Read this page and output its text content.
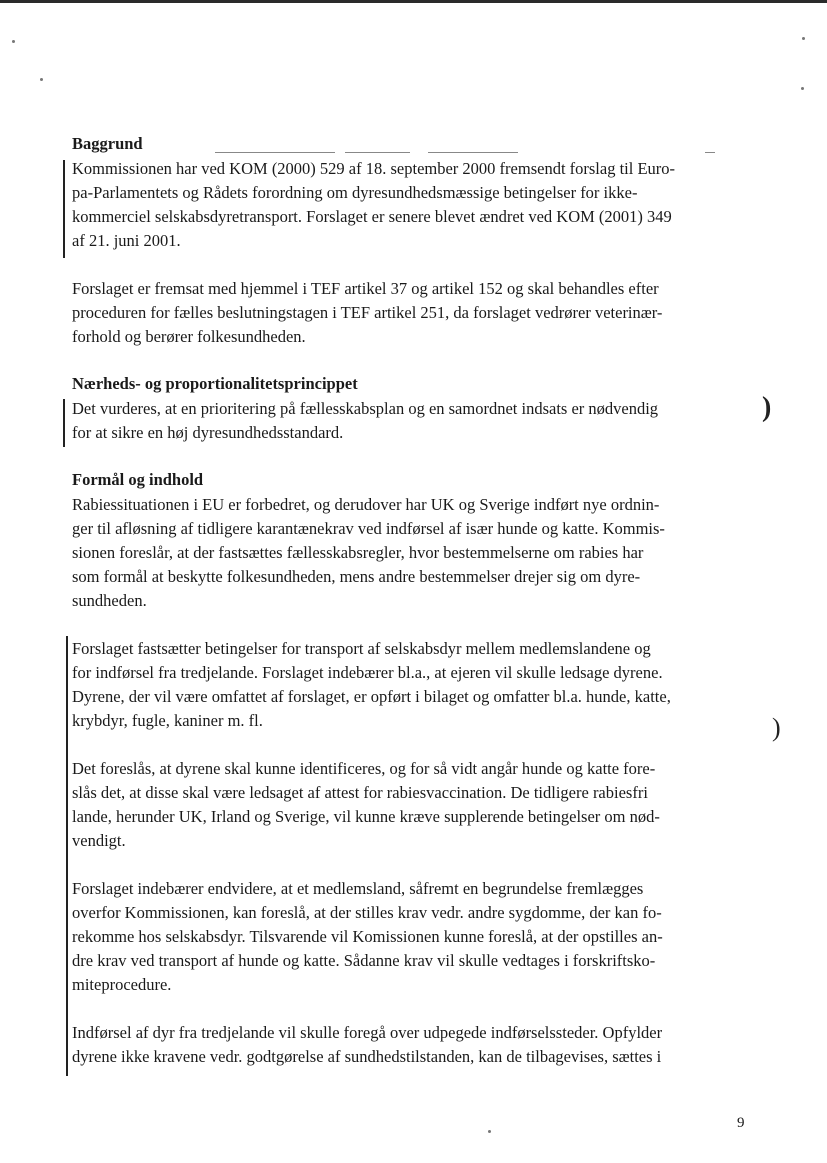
Baggrund
Kommissionen har ved KOM (2000) 529 af 18. september 2000 fremsendt forslag til Euro-
pa-Parlamentets og Rådets forordning om dyresundhedsmæssige betingelser for ikke-
kommerciel selskabsdyretransport. Forslaget er senere blevet ændret ved KOM (2001) 349
af 21. juni 2001.
Forslaget er fremsat med hjemmel i TEF artikel 37 og artikel 152 og skal behandles efter
proceduren for fælles beslutningstagen i TEF artikel 251, da forslaget vedrører veterinær-
forhold og berører folkesundheden.
Nærheds- og proportionalitetsprincippet
Det vurderes, at en prioritering på fællesskabsplan og en samordnet indsats er nødvendig
for at sikre en høj dyresundhedsstandard.
)
Formål og indhold
Rabiessituationen i EU er forbedret, og derudover har UK og Sverige indført nye ordnin-
ger til afløsning af tidligere karantænekrav ved indførsel af især hunde og katte. Kommis-
sionen foreslår, at der fastsættes fællesskabsregler, hvor bestemmelserne om rabies har
som formål at beskytte folkesundheden, mens andre bestemmelser drejer sig om dyre-
sundheden.
Forslaget fastsætter betingelser for transport af selskabsdyr mellem medlemslandene og
for indførsel fra tredjelande. Forslaget indebærer bl.a., at ejeren vil skulle ledsage dyrene.
Dyrene, der vil være omfattet af forslaget, er opført i bilaget og omfatter bl.a. hunde, katte,
krybdyr, fugle, kaniner m. fl.	)
Det foreslås, at dyrene skal kunne identificeres, og for så vidt angår hunde og katte fore-
slås det, at disse skal være ledsaget af attest for rabiesvaccination. De tidligere rabiesfri
lande, herunder UK, Irland og Sverige, vil kunne kræve supplerende betingelser om nød-
vendigt.
Forslaget indebærer endvidere, at et medlemsland, såfremt en begrundelse fremlægges
overfor Kommissionen, kan foreslå, at der stilles krav vedr. andre sygdomme, der kan fo-
rekomme hos selskabsdyr. Tilsvarende vil Komissionen kunne foreslå, at der opstilles an-
dre krav ved transport af hunde og katte. Sådanne krav vil skulle vedtages i forskriftsko-
miteprocedure.
Indførsel af dyr fra tredjelande vil skulle foregå over udpegede indførselssteder. Opfylder
dyrene ikke kravene vedr. godtgørelse af sundhedstilstanden, kan de tilbagevises, sættes i
9
